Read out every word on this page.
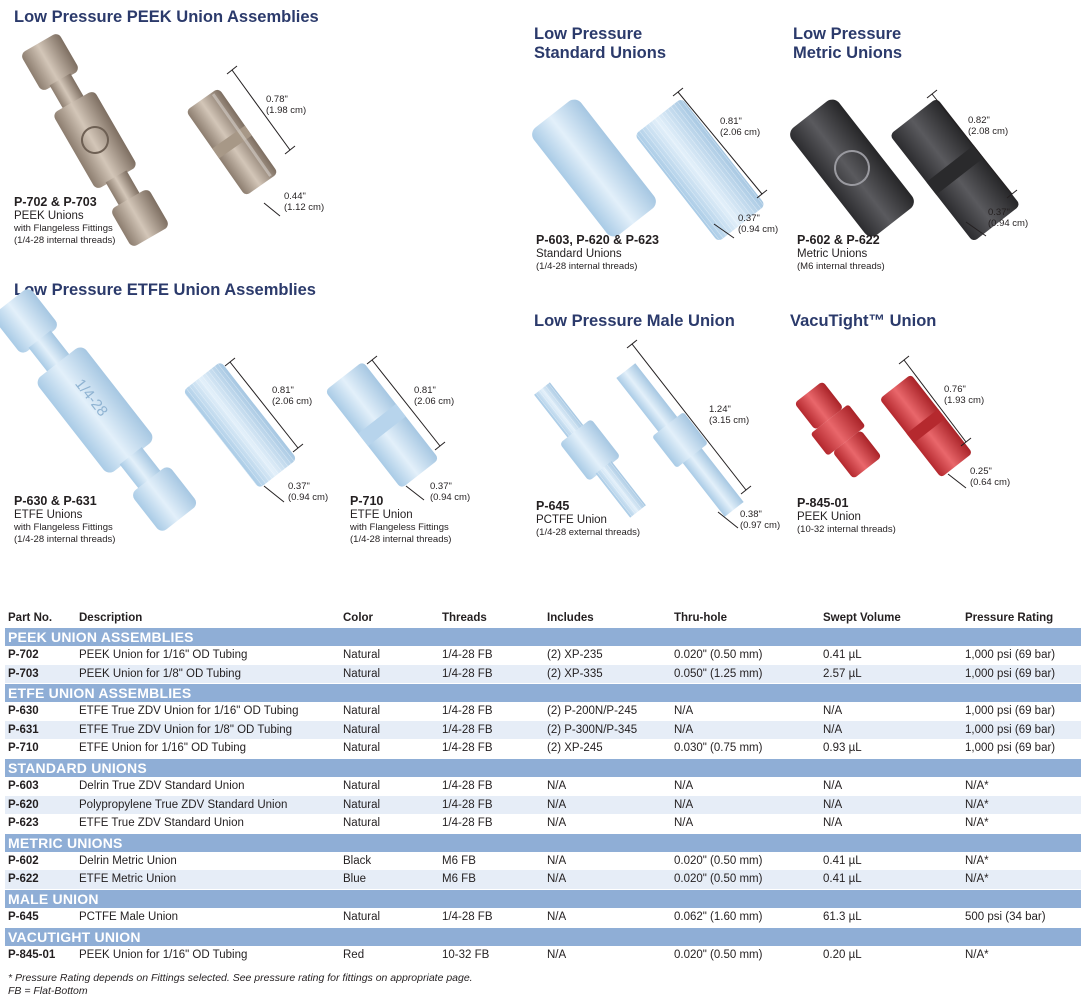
Low Pressure PEEK Union Assemblies
Low Pressure ETFE Union Assemblies
Low Pressure
Standard Unions
Low Pressure
Metric Unions
Low Pressure Male Union	VacuTight™ Union
1/4-28
0.78"
(1.98 cm)
0.44"
(1.12 cm)
0.81"
(2.06 cm)
0.37"
(0.94 cm)
0.81"
(2.06 cm)
0.37"
(0.94 cm)
0.81"
(2.06 cm)
0.37"
(0.94 cm)
0.82"
(2.08 cm)
0.37"
(0.94 cm)
1.24"
(3.15 cm)
0.38"
(0.97 cm)
0.76"
(1.93 cm)
0.25"
(0.64 cm)
P-702 & P-703
PEEK Unions
with Flangeless Fittings
(1/4-28 internal threads)
P-630 & P-631
ETFE Unions
with Flangeless Fittings
(1/4-28 internal threads)
P-710
ETFE Union
with Flangeless Fittings
(1/4-28 internal threads)
P-603, P-620 & P-623
Standard Unions
(1/4-28 internal threads)
P-602 & P-622
Metric Unions
(M6 internal threads)
P-645
PCTFE Union
(1/4-28 external threads)
P-845-01
PEEK Union
(10-32 internal threads)
Part No. Description	Color	Threads	Includes	Thru-hole	Swept Volume	Pressure Rating
PEEK UNION ASSEMBLIES
P-702	PEEK Union for 1/16" OD Tubing	Natural	1/4-28 FB	(2) XP-235	0.020" (0.50 mm)	0.41 µL	1,000 psi (69 bar)
P-703	PEEK Union for 1/8" OD Tubing	Natural	1/4-28 FB	(2) XP-335	0.050" (1.25 mm)	2.57 µL	1,000 psi (69 bar)
ETFE UNION ASSEMBLIES
P-630	ETFE True ZDV Union for 1/16" OD Tubing	Natural	1/4-28 FB	(2) P-200N/P-245	N/A	N/A	1,000 psi (69 bar)
P-631	ETFE True ZDV Union for 1/8" OD Tubing	Natural	1/4-28 FB	(2) P-300N/P-345	N/A	N/A	1,000 psi (69 bar)
P-710	ETFE Union for 1/16" OD Tubing	Natural	1/4-28 FB	(2) XP-245	0.030" (0.75 mm)	0.93 µL	1,000 psi (69 bar)
STANDARD UNIONS
P-603	Delrin True ZDV Standard Union	Natural	1/4-28 FB	N/A	N/A	N/A	N/A*
P-620	Polypropylene True ZDV Standard Union	Natural	1/4-28 FB	N/A	N/A	N/A	N/A*
P-623	ETFE True ZDV Standard Union	Natural	1/4-28 FB	N/A	N/A	N/A	N/A*
METRIC UNIONS
P-602	Delrin Metric Union	Black	M6 FB	N/A	0.020" (0.50 mm)	0.41 µL	N/A*
P-622	ETFE Metric Union	Blue	M6 FB	N/A	0.020" (0.50 mm)	0.41 µL	N/A*
MALE UNION
P-645	PCTFE Male Union	Natural	1/4-28 FB	N/A	0.062" (1.60 mm)	61.3 µL	500 psi (34 bar)
VACUTIGHT UNION
P-845-01 PEEK Union for 1/16" OD Tubing	Red	10-32 FB	N/A	0.020" (0.50 mm)	0.20 µL	N/A*
* Pressure Rating depends on Fittings selected. See pressure rating for fittings on appropriate page.
FB = Flat-Bottom
